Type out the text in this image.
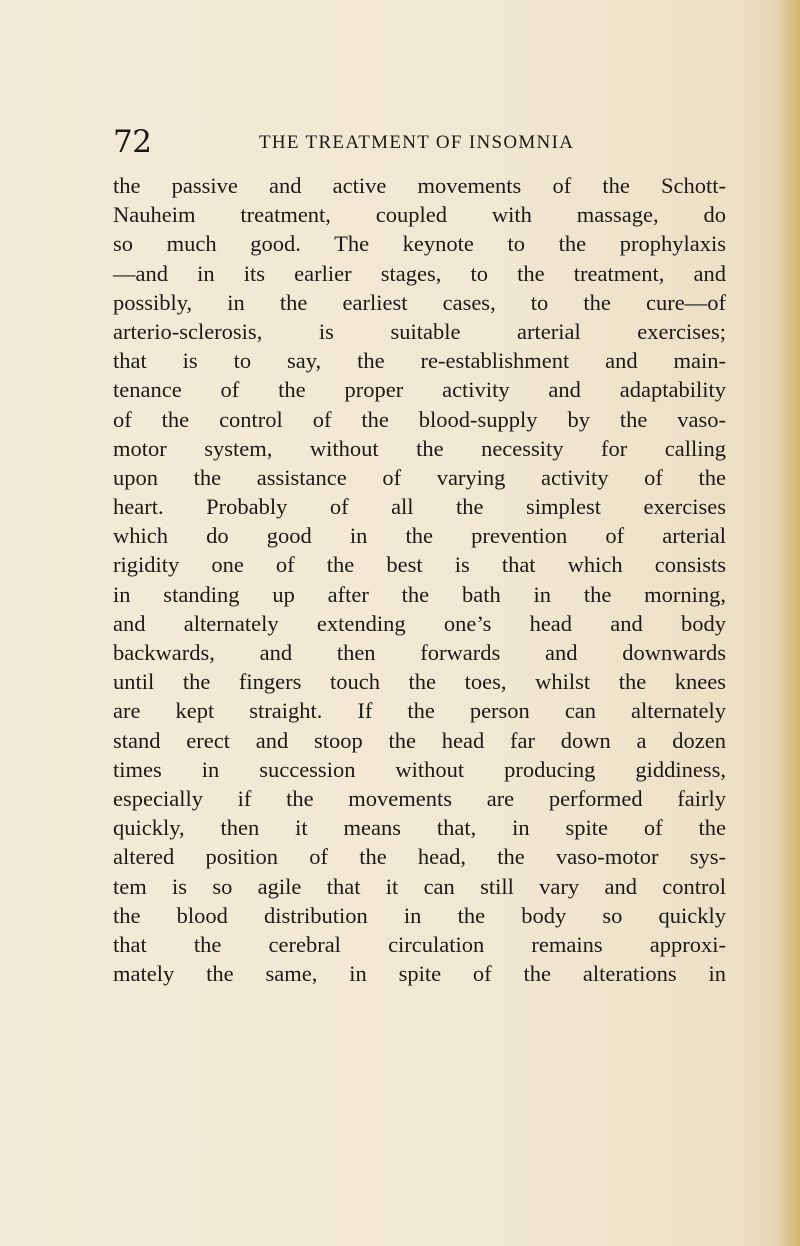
72	THE TREATMENT OF INSOMNIA
the passive and active movements of the Schott-
Nauheim treatment, coupled with massage, do
so much good. The keynote to the prophylaxis
—and in its earlier stages, to the treatment, and
possibly, in the earliest cases, to the cure—of
arterio-sclerosis, is suitable arterial exercises;
that is to say, the re-establishment and main-
tenance of the proper activity and adaptability
of the control of the blood-supply by the vaso-
motor system, without the necessity for calling
upon the assistance of varying activity of the
heart. Probably of all the simplest exercises
which do good in the prevention of arterial
rigidity one of the best is that which consists
in standing up after the bath in the morning,
and alternately extending one’s head and body
backwards, and then forwards and downwards
until the fingers touch the toes, whilst the knees
are kept straight. If the person can alternately
stand erect and stoop the head far down a dozen
times in succession without producing giddiness,
especially if the movements are performed fairly
quickly, then it means that, in spite of the
altered position of the head, the vaso-motor sys-
tem is so agile that it can still vary and control
the blood distribution in the body so quickly
that the cerebral circulation remains approxi-
mately the same, in spite of the alterations in
